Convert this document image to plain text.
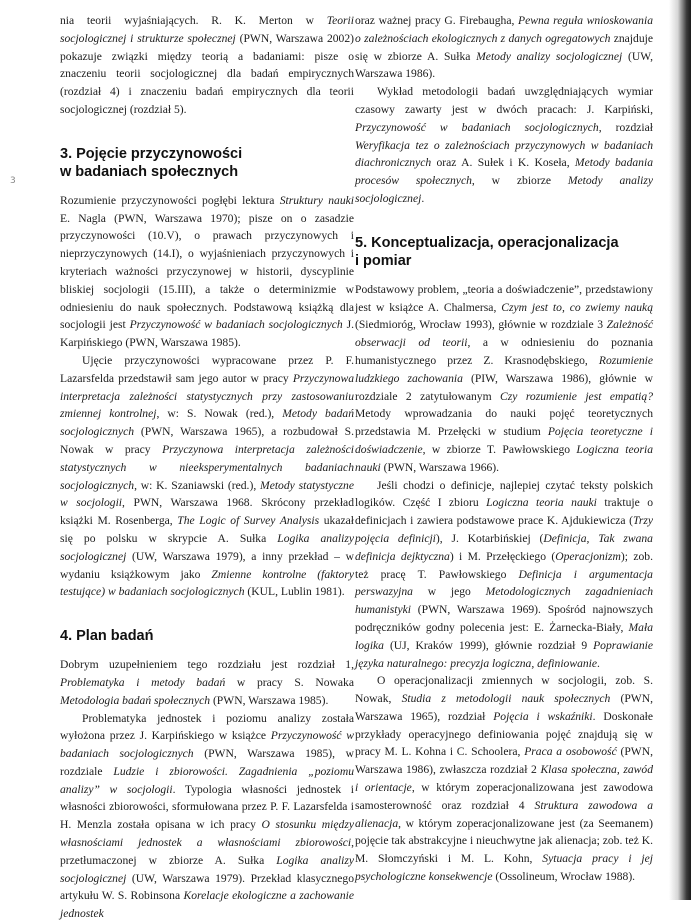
3

nia teorii wyjaśniających. R. K. Merton w Teorii socjologicznej i strukturze społecznej (PWN, Warszawa 2002) pokazuje związki między teorią a badaniami: pisze o znaczeniu teorii socjologicznej dla badań empirycznych (rozdział 4) i znaczeniu badań empirycznych dla teorii socjologicznej (rozdział 5).

3. Pojęcie przyczynowości
w badaniach społecznych

Rozumienie przyczynowości pogłębi lektura Struktury nauki E. Nagla (PWN, Warszawa 1970); pisze on o zasadzie przyczynowości (10.V), o prawach przyczynowych i nieprzyczynowych (14.I), o wyjaśnieniach przyczynowych i kryteriach ważności przyczynowej w historii, dyscyplinie bliskiej socjologii (15.III), a także o determinizmie w odniesieniu do nauk społecznych. Podstawową książką dla socjologii jest Przyczynowość w badaniach socjologicznych J. Karpińskiego (PWN, Warszawa 1985).

Ujęcie przyczynowości wypracowane przez P. F. Lazarsfelda przedstawił sam jego autor w pracy Przyczynowa interpretacja zależności statystycznych przy zastosowaniu zmiennej kontrolnej, w: S. Nowak (red.), Metody badań socjologicznych (PWN, Warszawa 1965), a rozbudował S. Nowak w pracy Przyczynowa interpretacja zależności statystycznych w nieeksperymentalnych badaniach socjologicznych, w: K. Szaniawski (red.), Metody statystyczne w socjologii, PWN, Warszawa 1968. Skrócony przekład książki M. Rosenberga, The Logic of Survey Analysis ukazał się po polsku w skrypcie A. Sułka Logika analizy socjologicznej (UW, Warszawa 1979), a inny przekład – w wydaniu książkowym jako Zmienne kontrolne (faktory testujące) w badaniach socjologicznych (KUL, Lublin 1981).

4. Plan badań

Dobrym uzupełnieniem tego rozdziału jest rozdział 1, Problematyka i metody badań w pracy S. Nowaka Metodologia badań społecznych (PWN, Warszawa 1985).

Problematyka jednostek i poziomu analizy została wyłożona przez J. Karpińskiego w książce Przyczynowość w badaniach socjologicznych (PWN, Warszawa 1985), w rozdziale Ludzie i zbiorowości. Zagadnienia „poziomu analizy” w socjologii. Typologia własności jednostek i własności zbiorowości, sformułowana przez P. F. Lazarsfelda i H. Menzla została opisana w ich pracy O stosunku między własnościami jednostek a własnościami zbiorowości, przetłumaczonej w zbiorze A. Sułka Logika analizy socjologicznej (UW, Warszawa 1979). Przekład klasycznego artykułu W. S. Robinsona Korelacje ekologiczne a zachowanie jednostek

oraz ważnej pracy G. Firebaugha, Pewna reguła wnioskowania o zależnościach ekologicznych z danych ogregatowych znajduje się w zbiorze A. Sułka Metody analizy socjologicznej (UW, Warszawa 1986).

Wykład metodologii badań uwzględniających wymiar czasowy zawarty jest w dwóch pracach: J. Karpiński, Przyczynowość w badaniach socjologicznych, rozdział Weryfikacja tez o zależnościach przyczynowych w badaniach diachronicznych oraz A. Sułek i K. Koseła, Metody badania procesów społecznych, w zbiorze Metody analizy socjologicznej.

5. Konceptualizacja, operacjonalizacja
i pomiar

Podstawowy problem, „teoria a doświadczenie”, przedstawiony jest w książce A. Chalmersa, Czym jest to, co zwiemy nauką (Siedmioróg, Wrocław 1993), głównie w rozdziale 3 Zależność obserwacji od teorii, a w odniesieniu do poznania humanistycznego przez Z. Krasnodębskiego, Rozumienie ludzkiego zachowania (PIW, Warszawa 1986), głównie w rozdziale 2 zatytułowanym Czy rozumienie jest empatią? Metody wprowadzania do nauki pojęć teoretycznych przedstawia M. Przełęcki w studium Pojęcia teoretyczne i doświadczenie, w zbiorze T. Pawłowskiego Logiczna teoria nauki (PWN, Warszawa 1966).

Jeśli chodzi o definicje, najlepiej czytać teksty polskich logików. Część I zbioru Logiczna teoria nauki traktuje o definicjach i zawiera podstawowe prace K. Ajdukiewicza (Trzy pojęcia definicji), J. Kotarbińskiej (Definicja, Tak zwana definicja dejktyczna) i M. Przełęckiego (Operacjonizm); zob. też pracę T. Pawłowskiego Definicja i argumentacja perswazyjna w jego Metodologicznych zagadnieniach humanistyki (PWN, Warszawa 1969). Spośród najnowszych podręczników godny polecenia jest: E. Żarnecka-Biały, Mała logika (UJ, Kraków 1999), głównie rozdział 9 Poprawianie języka naturalnego: precyzja logiczna, definiowanie.

O operacjonalizacji zmiennych w socjologii, zob. S. Nowak, Studia z metodologii nauk społecznych (PWN, Warszawa 1965), rozdział Pojęcia i wskaźniki. Doskonałe przykłady operacyjnego definiowania pojęć znajdują się w pracy M. L. Kohna i C. Schoolera, Praca a osobowość (PWN, Warszawa 1986), zwłaszcza rozdział 2 Klasa społeczna, zawód i orientacje, w którym zoperacjonalizowana jest zawodowa samosterowność oraz rozdział 4 Struktura zawodowa a alienacja, w którym zoperacjonalizowane jest (za Seemanem) pojęcie tak abstrakcyjne i nieuchwytne jak alienacja; zob. też K. M. Słomczyński i M. L. Kohn, Sytuacja pracy i jej psychologiczne konsekwencje (Ossolineum, Wrocław 1988).
